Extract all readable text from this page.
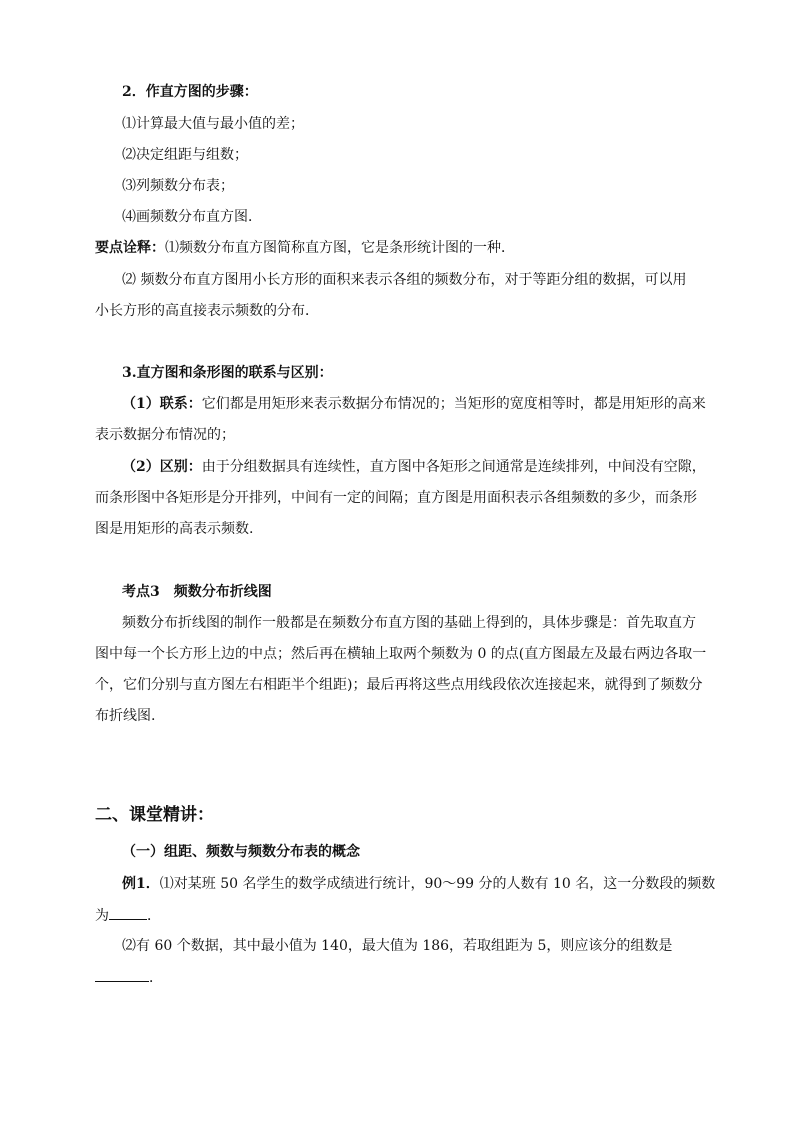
2．作直方图的步骤：
⑴计算最大值与最小值的差；
⑵决定组距与组数；
⑶列频数分布表；
⑷画频数分布直方图．
要点诠释：⑴频数分布直方图简称直方图，它是条形统计图的一种．
⑵ 频数分布直方图用小长方形的面积来表示各组的频数分布，对于等距分组的数据，可以用
小长方形的高直接表示频数的分布．
3.直方图和条形图的联系与区别：
（1）联系：它们都是用矩形来表示数据分布情况的；当矩形的宽度相等时，都是用矩形的高来
表示数据分布情况的；
（2）区别：由于分组数据具有连续性，直方图中各矩形之间通常是连续排列，中间没有空隙，
而条形图中各矩形是分开排列，中间有一定的间隔；直方图是用面积表示各组频数的多少，而条形
图是用矩形的高表示频数.
考点3　频数分布折线图
频数分布折线图的制作一般都是在频数分布直方图的基础上得到的，具体步骤是：首先取直方
图中每一个长方形上边的中点；然后再在横轴上取两个频数为 0 的点(直方图最左及最右两边各取一
个，它们分别与直方图左右相距半个组距)；最后再将这些点用线段依次连接起来，就得到了频数分
布折线图.
二、课堂精讲：
（一）组距、频数与频数分布表的概念
例1．⑴对某班 50 名学生的数学成绩进行统计，90～99 分的人数有 10 名，这一分数段的频数
为	．
⑵有 60 个数据，其中最小值为 140，最大值为 186，若取组距为 5，则应该分的组数是
．
